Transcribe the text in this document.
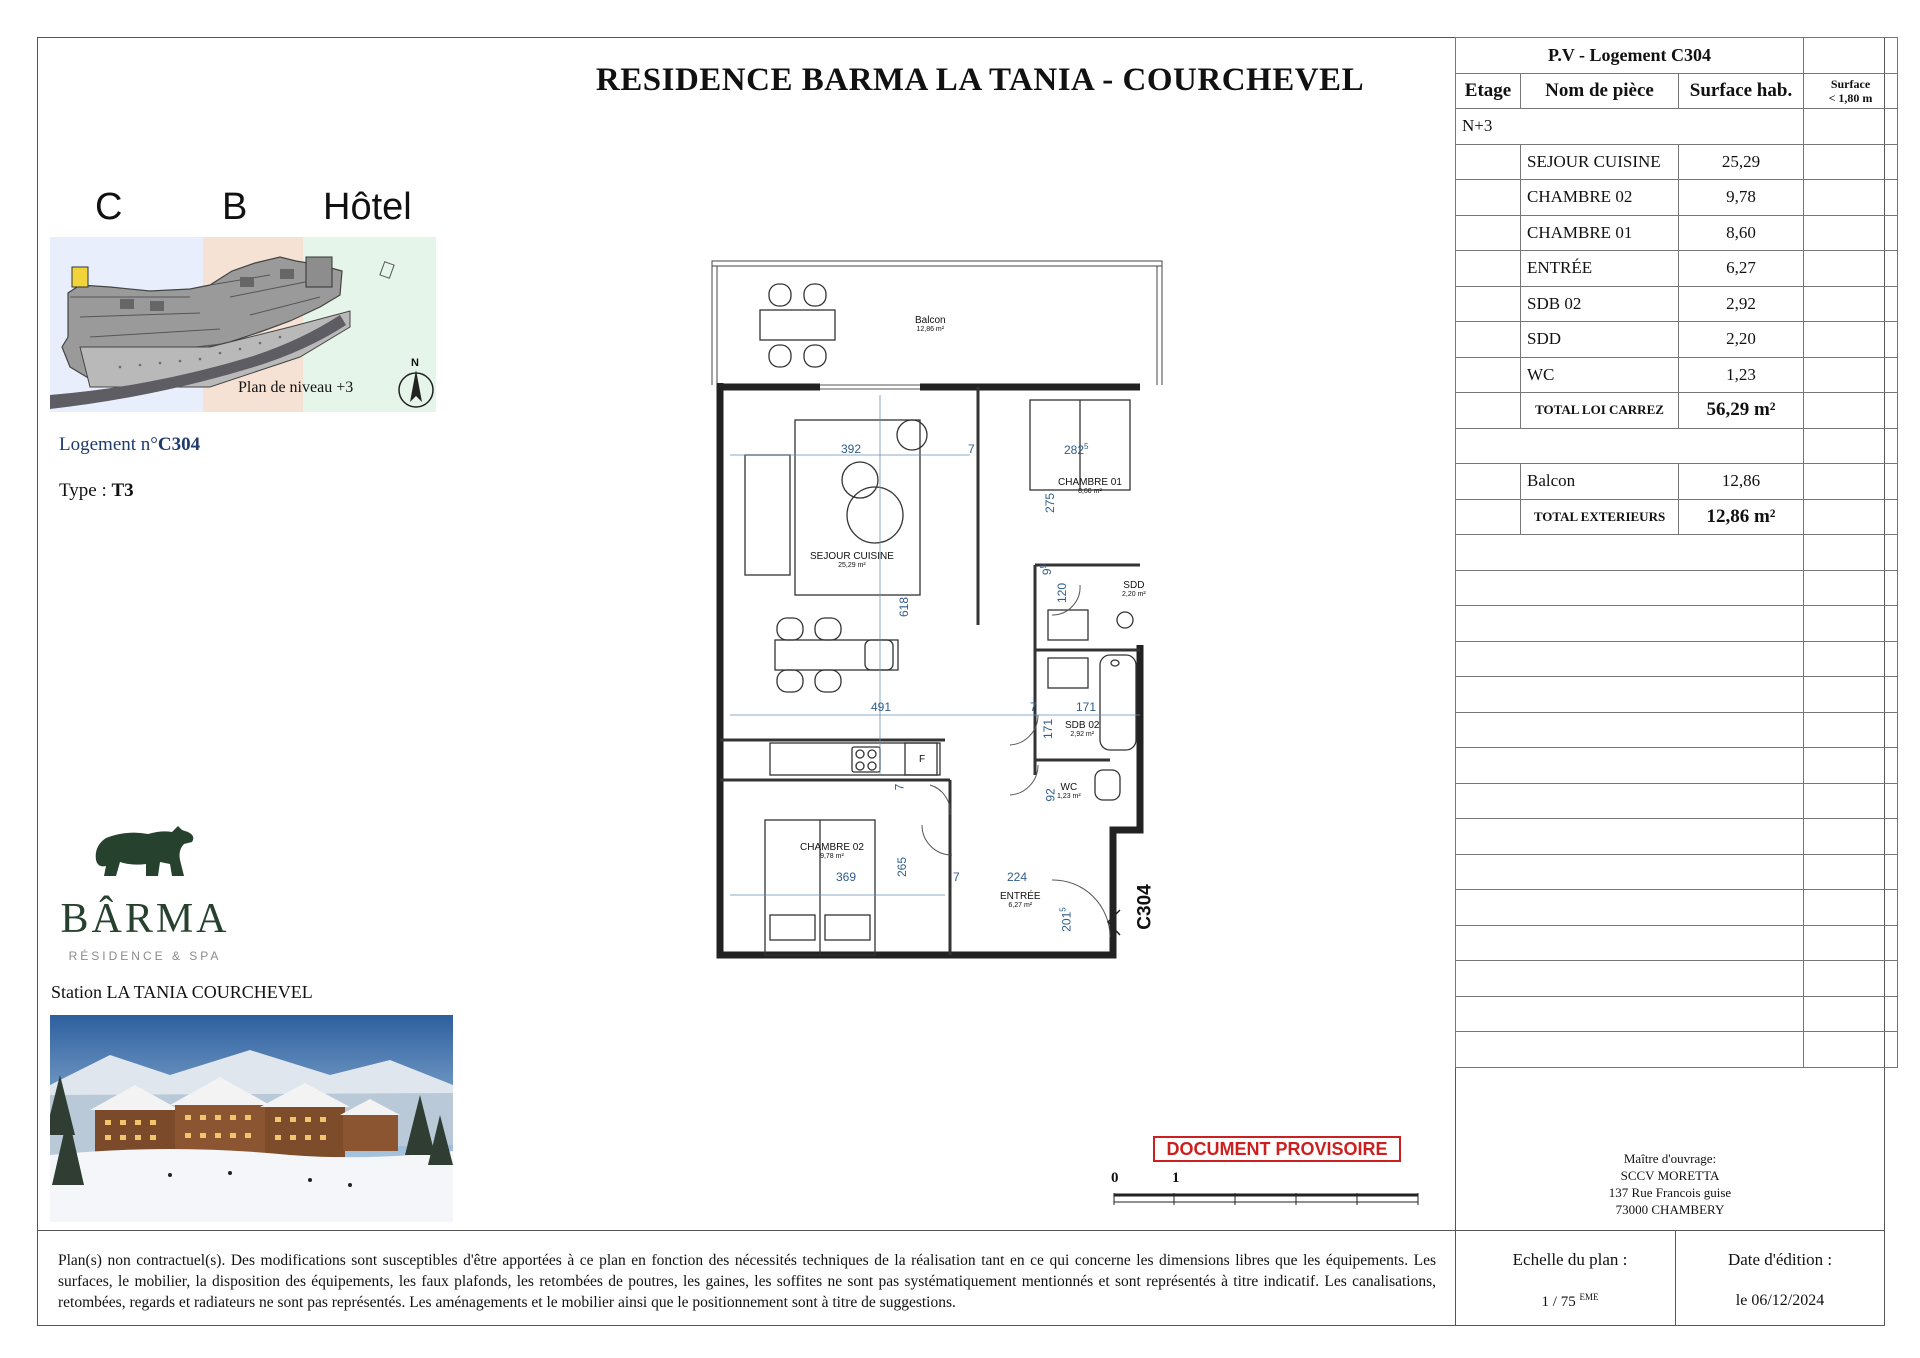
RESIDENCE BARMA LA TANIA - COURCHEVEL
P.V - Logement C304			
Etage	Nom de pièce	Surface hab.	Surface
< 1,80 m
N+3			
	SEJOUR CUISINE	25,29	
	CHAMBRE 02	9,78	
	CHAMBRE 01	8,60	
	ENTRÉE	6,27	
	SDB 02	2,92	
	SDD	2,20	
	WC	1,23	
	TOTAL LOI CARREZ	56,29 m²	

	Balcon	12,86	
	TOTAL EXTERIEURS	12,86 m²	

Maître d'ouvrage:
SCCV MORETTA
137 Rue Francois guise
73000 CHAMBERY
Plan(s) non contractuel(s). Des modifications sont susceptibles d'être apportées à ce plan en fonction des nécessités techniques de la réalisation tant en ce qui concerne les dimensions libres que les équipements. Les surfaces, le mobilier, la disposition des équipements, les faux plafonds, les retombées de poutres, les gaines, les soffites ne sont pas systématiquement mentionnés et sont représentés à titre indicatif. Les canalisations, retombées, regards et radiateurs ne sont pas représentés. Les aménagements et le mobilier ainsi que le positionnement sont à titre de suggestions.
Echelle du plan :
1 / 75 $^{EME}$
Date d'édition :
le 06/12/2024
C	B Hôtel
Plan de niveau +3
N
Logement n°C304
Type : T3
BÂRMA
RÉSIDENCE & SPA
Station LA TANIA COURCHEVEL
Balcon
12,86 m²
SEJOUR CUISINE
25,29 m²
CHAMBRE 01
8,60 m²
SDD
2,20 m²
SDB 02
2,92 m²
WC
1,23 m²
CHAMBRE 02
9,78 m²
ENTRÉE
6,27 m²
392	7	$282^5$
275
$9^5$
120
618
491	7	171
171
92
7
265
369	7	224
$201^5$
F
C304
DOCUMENT PROVISOIRE
0	1
